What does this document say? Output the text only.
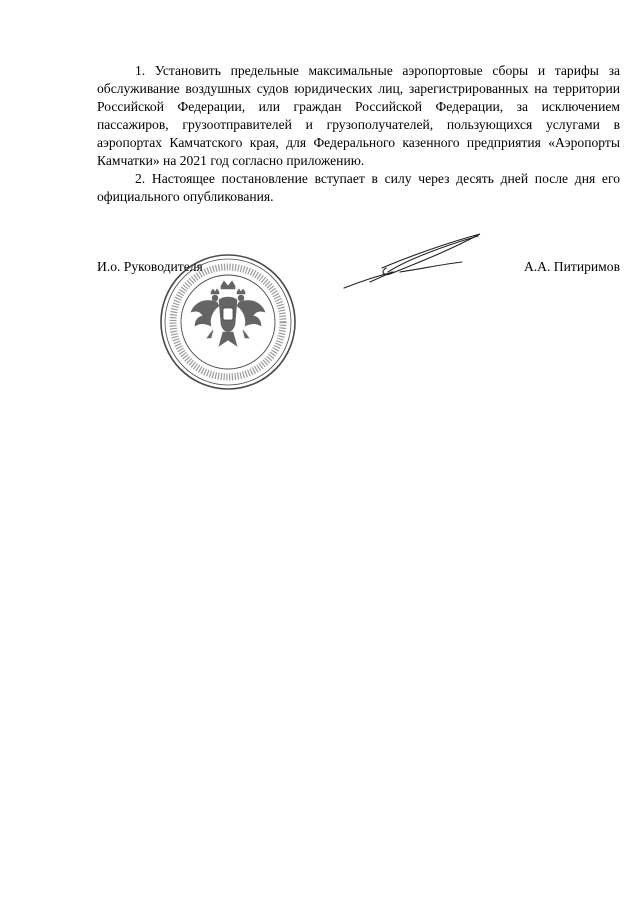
1. Установить предельные максимальные аэропортовые сборы и тарифы за обслуживание воздушных судов юридических лиц, зарегистрированных на территории Российской Федерации, или граждан Российской Федерации, за исключением пассажиров, грузоотправителей и грузополучателей, пользующихся услугами в аэропортах Камчатского края, для Федерального казенного предприятия «Аэропорты Камчатки» на 2021 год согласно приложению.

2. Настоящее постановление вступает в силу через десять дней после дня его официального опубликования.

И.о. Руководителя	А.А. Питиримов
